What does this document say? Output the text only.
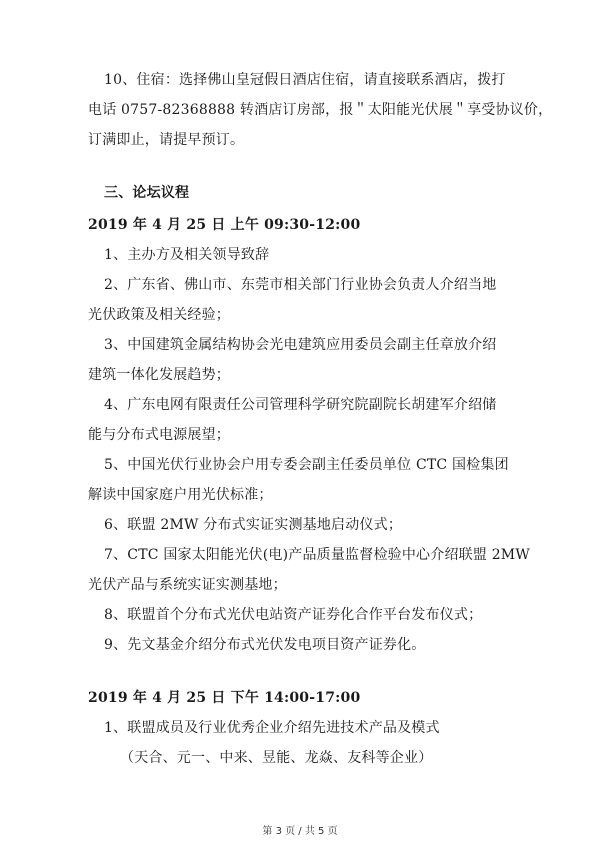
10、住宿：选择佛山皇冠假日酒店住宿，请直接联系酒店，拨打
电话 0757-82368888 转酒店订房部，报＂太阳能光伏展＂享受协议价，
订满即止，请提早预订。
三、论坛议程
2019 年 4 月 25 日 上午 09:30-12:00
1、主办方及相关领导致辞
2、广东省、佛山市、东莞市相关部门行业协会负责人介绍当地
光伏政策及相关经验；
3、中国建筑金属结构协会光电建筑应用委员会副主任章放介绍
建筑一体化发展趋势；
4、广东电网有限责任公司管理科学研究院副院长胡建军介绍储
能与分布式电源展望；
5、中国光伏行业协会户用专委会副主任委员单位 CTC 国检集团
解读中国家庭户用光伏标准；
6、联盟 2MW 分布式实证实测基地启动仪式；
7、CTC 国家太阳能光伏(电)产品质量监督检验中心介绍联盟 2MW
光伏产品与系统实证实测基地；
8、联盟首个分布式光伏电站资产证券化合作平台发布仪式；
9、先文基金介绍分布式光伏发电项目资产证券化。
2019 年 4 月 25 日 下午 14:00-17:00
1、联盟成员及行业优秀企业介绍先进技术产品及模式
（天合、元一、中来、昱能、龙焱、友科等企业）
第 3 页 / 共 5 页
